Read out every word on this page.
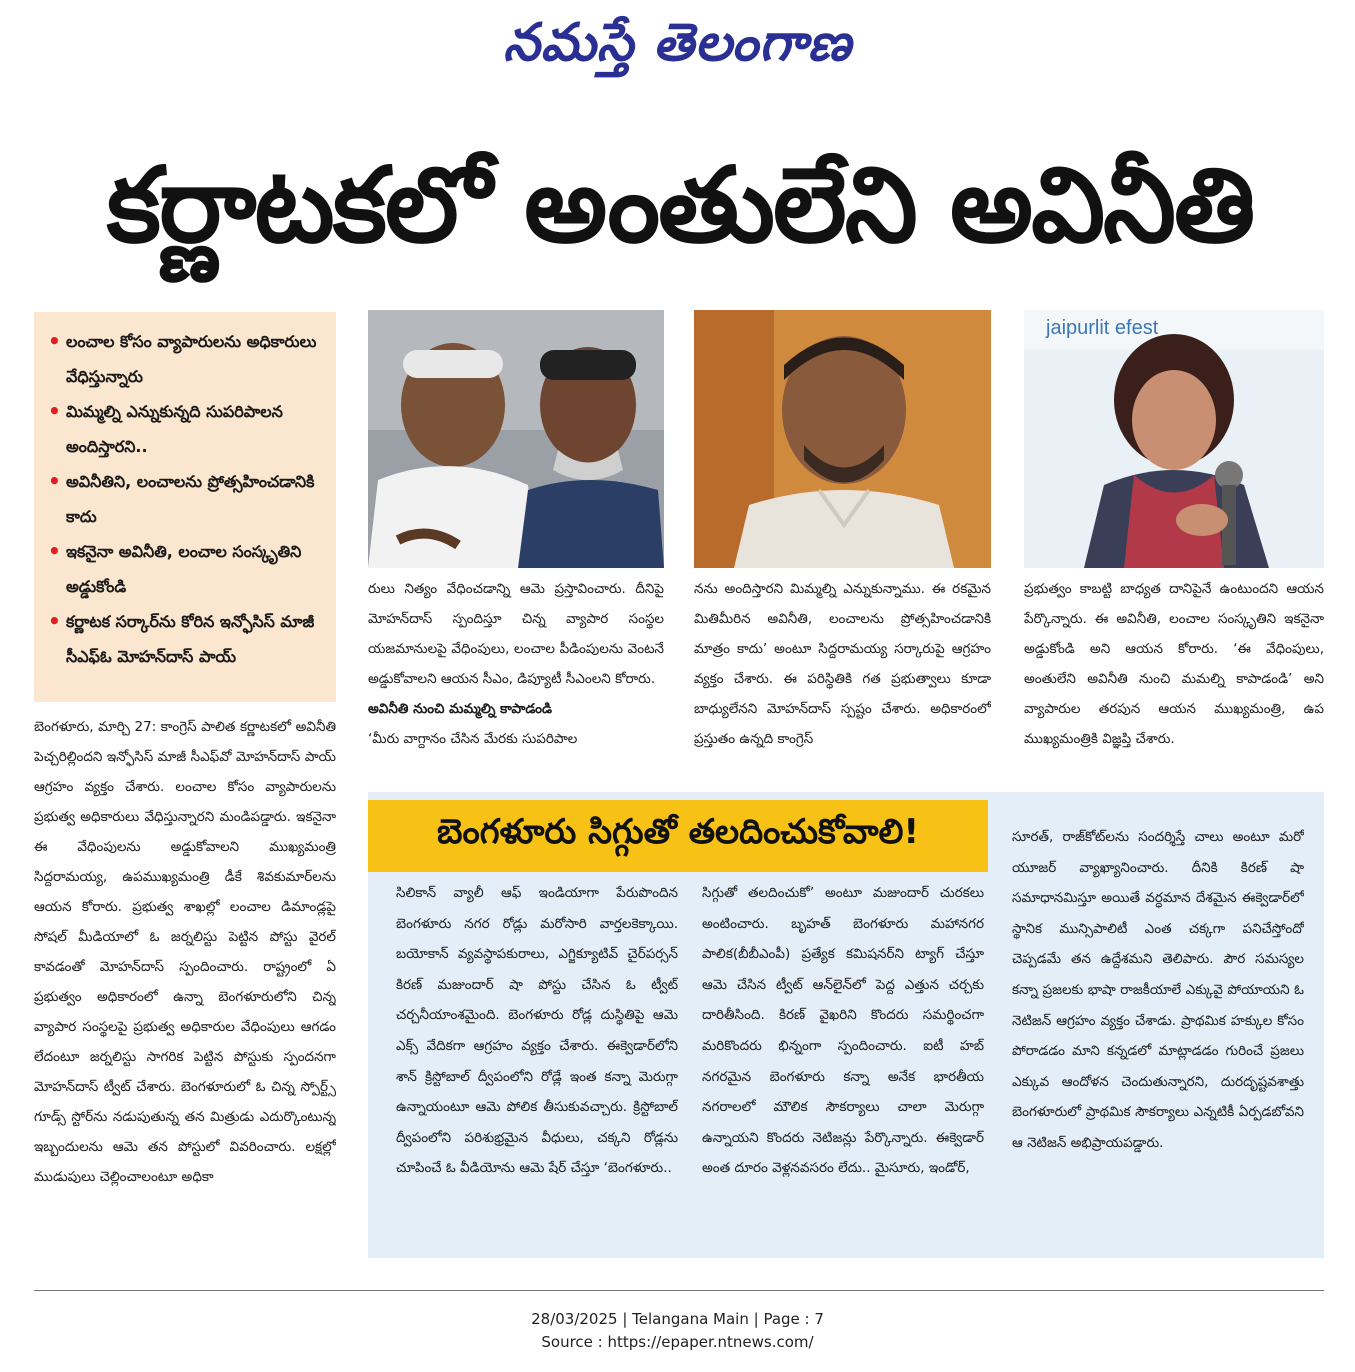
నమస్తే తెలంగాణ
కర్ణాటకలో అంతులేని అవినీతి
• లంచాల కోసం వ్యాపారులను అధికారులు వేధిస్తున్నారు
• మిమ్మల్ని ఎన్నుకున్నది సుపరిపాలన అందిస్తారని..
• అవినీతిని, లంచాలను ప్రోత్సహించడానికి కాదు
• ఇకనైనా అవినీతి, లంచాల సంస్కృతిని అడ్డుకోండి
• కర్ణాటక సర్కార్‌ను కోరిన ఇన్ఫోసిస్ మాజీ సీఎఫ్‌ఓ మోహన్‌దాస్ పాయ్
jaipurlit efest

బెంగళూరు, మార్చి 27: కాంగ్రెస్ పాలిత కర్ణాటకలో అవినీతి పెచ్చరిల్లిందని ఇన్ఫోసిస్ మాజీ సీఎఫ్‌వో మోహన్‌దాస్ పాయ్ ఆగ్రహం వ్యక్తం చేశారు. లంచాల కోసం వ్యాపారులను ప్రభుత్వ అధికారులు వేధిస్తున్నారని మండిపడ్డారు. ఇకనైనా ఈ వేధింపులను అడ్డుకోవాలని ముఖ్యమంత్రి సిద్దరామయ్య, ఉపముఖ్యమంత్రి డీకే శివకుమార్‌లను ఆయన కోరారు. ప్రభుత్వ శాఖల్లో లంచాల డిమాండ్లపై సోషల్ మీడియాలో ఓ జర్నలిస్టు పెట్టిన పోస్టు వైరల్ కావడంతో మోహన్‌దాస్ స్పందించారు. రాష్ట్రంలో ఏ ప్రభుత్వం అధికారంలో ఉన్నా బెంగళూరులోని చిన్న వ్యాపార సంస్థలపై ప్రభుత్వ అధికారుల వేధింపులు ఆగడం లేదంటూ జర్నలిస్టు సాగరిక పెట్టిన పోస్టుకు స్పందనగా మోహన్‌దాస్ ట్వీట్ చేశారు. బెంగళూరులో ఓ చిన్న స్పోర్ట్స్ గూడ్స్ స్టోర్‌ను నడుపుతున్న తన మిత్రుడు ఎదుర్కొంటున్న ఇబ్బందులను ఆమె తన పోస్టులో వివరించారు. లక్షల్లో ముడుపులు చెల్లించాలంటూ అధికా

రులు నిత్యం వేధించడాన్ని ఆమె ప్రస్తావించారు. దీనిపై మోహన్‌దాస్ స్పందిస్తూ చిన్న వ్యాపార సంస్థల యజమానులపై వేధింపులు, లంచాల పీడింపులను వెంటనే అడ్డుకోవాలని ఆయన సీఎం, డిప్యూటీ సీఎంలని కోరారు.

అవినీతి నుంచి మమ్మల్ని కాపాడండి

‘మీరు వాగ్దానం చేసిన మేరకు సుపరిపాల

నను అందిస్తారని మిమ్మల్ని ఎన్నుకున్నాము. ఈ రకమైన మితిమీరిన అవినీతి, లంచాలను ప్రోత్సహించడానికి మాత్రం కాదు’ అంటూ సిద్దరామయ్య సర్కారుపై ఆగ్రహం వ్యక్తం చేశారు. ఈ పరిస్థితికి గత ప్రభుత్వాలు కూడా బాధ్యులేనని మోహన్‌దాస్ స్పష్టం చేశారు. అధికారంలో ప్రస్తుతం ఉన్నది కాంగ్రెస్

ప్రభుత్వం కాబట్టి బాధ్యత దానిపైనే ఉంటుందని ఆయన పేర్కొన్నారు. ఈ అవినీతి, లంచాల సంస్కృతిని ఇకనైనా అడ్డుకోండి అని ఆయన కోరారు. ‘ఈ వేధింపులు, అంతులేని అవినీతి నుంచి మమల్ని కాపాడండి’ అని వ్యాపారుల తరపున ఆయన ముఖ్యమంత్రి, ఉప ముఖ్యమంత్రికి విజ్ఞప్తి చేశారు.

బెంగళూరు సిగ్గుతో తలదించుకోవాలి!
సిలికాన్ వ్యాలీ ఆఫ్ ఇండియాగా పేరుపొందిన బెంగళూరు నగర రోడ్లు మరోసారి వార్తలకెక్కాయి. బయోకాన్ వ్యవస్థాపకురాలు, ఎగ్జిక్యూటివ్ చైర్‌పర్సన్ కిరణ్ మజుందార్ షా పోస్టు చేసిన ఓ ట్వీట్ చర్చనీయాంశమైంది. బెంగళూరు రోడ్ల దుస్థితిపై ఆమె ఎక్స్ వేదికగా ఆగ్రహం వ్యక్తం చేశారు. ఈక్వెడార్‌లోని శాన్ క్రిస్టోబాల్ ద్వీపంలోని రోడ్లే ఇంత కన్నా మెరుగ్గా ఉన్నాయంటూ ఆమె పోలిక తీసుకువచ్చారు. క్రిస్టోబాల్ ద్వీపంలోని పరిశుభ్రమైన వీధులు, చక్కని రోడ్లను చూపించే ఓ వీడియోను ఆమె షేర్ చేస్తూ ‘బెంగళూరు..
సిగ్గుతో తలదించుకో’ అంటూ మజుందార్ చురకలు అంటించారు. బృహత్ బెంగళూరు మహానగర పాలిక(బీబీఎంపీ) ప్రత్యేక కమిషనర్‌ని ట్యాగ్ చేస్తూ ఆమె చేసిన ట్వీట్ ఆన్‌లైన్‌లో పెద్ద ఎత్తున చర్చకు దారితీసింది. కిరణ్ వైఖరిని కొందరు సమర్థించగా మరికొందరు భిన్నంగా స్పందించారు. ఐటీ హబ్ నగరమైన బెంగళూరు కన్నా అనేక భారతీయ నగరాలలో మౌలిక సౌకర్యాలు చాలా మెరుగ్గా ఉన్నాయని కొందరు నెటిజన్లు పేర్కొన్నారు. ఈక్వెడార్ అంత దూరం వెళ్లనవసరం లేదు.. మైసూరు, ఇండోర్,
సూరత్, రాజ్‌కోట్‌లను సందర్శిస్తే చాలు అంటూ మరో యూజర్ వ్యాఖ్యానించారు. దీనికి కిరణ్ షా సమాధానమిస్తూ అయితే వర్ధమాన దేశమైన ఈక్వెడార్‌లో స్థానిక మున్సిపాలిటీ ఎంత చక్కగా పనిచేస్తోందో చెప్పడమే తన ఉద్దేశమని తెలిపారు. పౌర సమస్యల కన్నా ప్రజలకు భాషా రాజకీయాలే ఎక్కువై పోయాయని ఓ నెటిజన్ ఆగ్రహం వ్యక్తం చేశాడు. ప్రాథమిక హక్కుల కోసం పోరాడడం మాని కన్నడలో మాట్లాడడం గురించే ప్రజలు ఎక్కువ ఆందోళన చెందుతున్నారని, దురదృష్టవశాత్తు బెంగళూరులో ప్రాథమిక సౌకర్యాలు ఎన్నటికీ ఏర్పడబోవని ఆ నెటిజన్ అభిప్రాయపడ్డారు.
28/03/2025 | Telangana Main | Page : 7
Source : https://epaper.ntnews.com/
